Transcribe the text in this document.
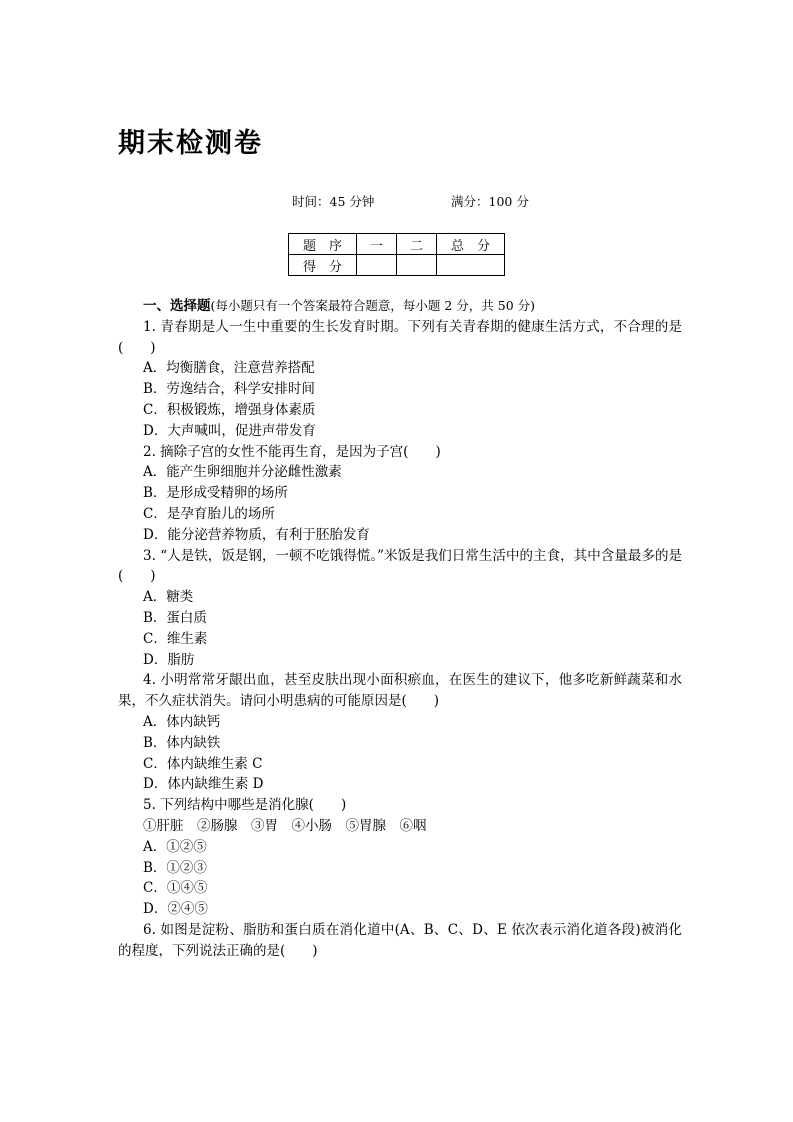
期末检测卷
时间：45 分钟	满分：100 分
题　序	一	二	总　分
得　分			

一、选择题(每小题只有一个答案最符合题意，每小题 2 分，共 50 分)

1. 青春期是人一生中重要的生长发育时期。下列有关青春期的健康生活方式，不合理的是(　　)

A．均衡膳食，注意营养搭配

B．劳逸结合，科学安排时间

C．积极锻炼，增强身体素质

D．大声喊叫，促进声带发育

2. 摘除子宫的女性不能再生育，是因为子宫(　　)

A．能产生卵细胞并分泌雌性激素

B．是形成受精卵的场所

C．是孕育胎儿的场所

D．能分泌营养物质，有利于胚胎发育

3. “人是铁，饭是钢，一顿不吃饿得慌。”米饭是我们日常生活中的主食，其中含量最多的是 (　　)

A．糖类

B．蛋白质

C．维生素

D．脂肪

4. 小明常常牙龈出血，甚至皮肤出现小面积瘀血，在医生的建议下，他多吃新鲜蔬菜和水果，不久症状消失。请问小明患病的可能原因是(　　)

A．体内缺钙

B．体内缺铁

C．体内缺维生素 C

D．体内缺维生素 D

5. 下列结构中哪些是消化腺(　　)

①肝脏　②肠腺　③胃　④小肠　⑤胃腺　⑥咽

A．①②⑤

B．①②③

C．①④⑤

D．②④⑤

6. 如图是淀粉、脂肪和蛋白质在消化道中(A、B、C、D、E 依次表示消化道各段)被消化的程度，下列说法正确的是(　　)
